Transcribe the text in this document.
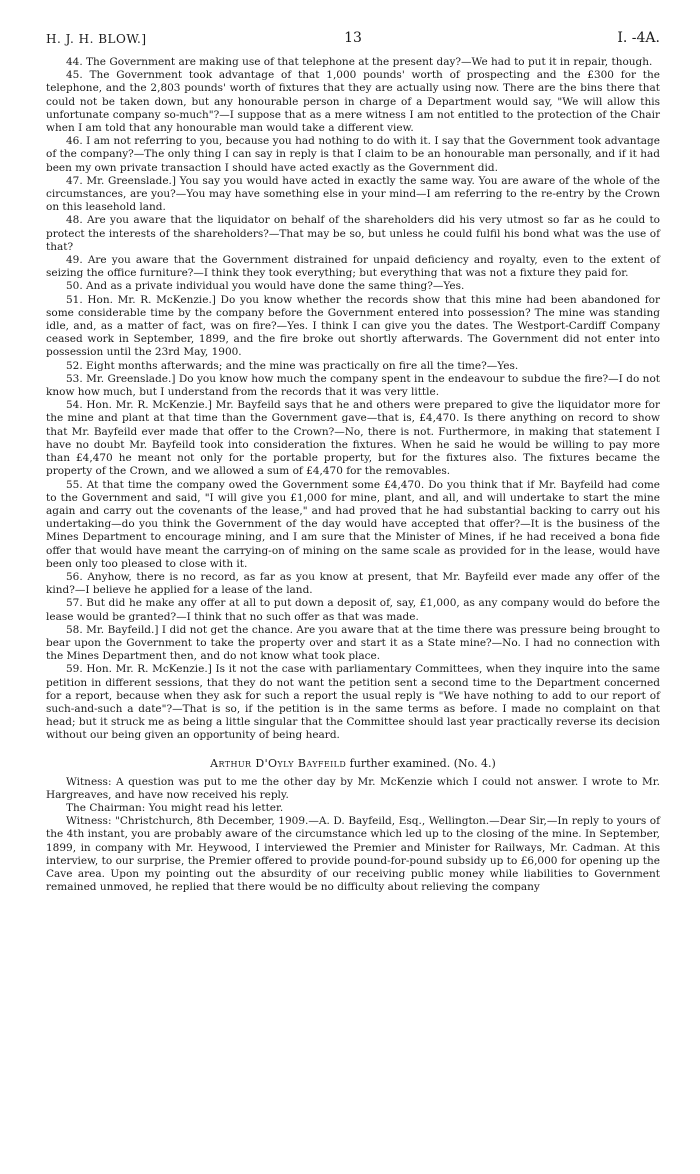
H. J. H. BLOW.]	13	I. -4A.

44. The Government are making use of that telephone at the present day?—We had to put it in repair, though.

45. The Government took advantage of that 1,000 pounds' worth of prospecting and the £300 for the telephone, and the 2,803 pounds' worth of fixtures that they are actually using now. There are the bins there that could not be taken down, but any honourable person in charge of a Department would say, "We will allow this unfortunate company so-much"?—I suppose that as a mere witness I am not entitled to the protection of the Chair when I am told that any honourable man would take a different view.

46. I am not referring to you, because you had nothing to do with it. I say that the Government took advantage of the company?—The only thing I can say in reply is that I claim to be an honourable man personally, and if it had been my own private transaction I should have acted exactly as the Government did.

47. Mr. Greenslade.] You say you would have acted in exactly the same way. You are aware of the whole of the circumstances, are you?—You may have something else in your mind—I am referring to the re-entry by the Crown on this leasehold land.

48. Are you aware that the liquidator on behalf of the shareholders did his very utmost so far as he could to protect the interests of the shareholders?—That may be so, but unless he could fulfil his bond what was the use of that?

49. Are you aware that the Government distrained for unpaid deficiency and royalty, even to the extent of seizing the office furniture?—I think they took everything; but everything that was not a fixture they paid for.

50. And as a private individual you would have done the same thing?—Yes.

51. Hon. Mr. R. McKenzie.] Do you know whether the records show that this mine had been abandoned for some considerable time by the company before the Government entered into possession? The mine was standing idle, and, as a matter of fact, was on fire?—Yes. I think I can give you the dates. The Westport-Cardiff Company ceased work in September, 1899, and the fire broke out shortly afterwards. The Government did not enter into possession until the 23rd May, 1900.

52. Eight months afterwards; and the mine was practically on fire all the time?—Yes.

53. Mr. Greenslade.] Do you know how much the company spent in the endeavour to subdue the fire?—I do not know how much, but I understand from the records that it was very little.

54. Hon. Mr. R. McKenzie.] Mr. Bayfeild says that he and others were prepared to give the liquidator more for the mine and plant at that time than the Government gave—that is, £4,470. Is there anything on record to show that Mr. Bayfeild ever made that offer to the Crown?—No, there is not. Furthermore, in making that statement I have no doubt Mr. Bayfeild took into consideration the fixtures. When he said he would be willing to pay more than £4,470 he meant not only for the portable property, but for the fixtures also. The fixtures became the property of the Crown, and we allowed a sum of £4,470 for the removables.

55. At that time the company owed the Government some £4,470. Do you think that if Mr. Bayfeild had come to the Government and said, "I will give you £1,000 for mine, plant, and all, and will undertake to start the mine again and carry out the covenants of the lease," and had proved that he had substantial backing to carry out his undertaking—do you think the Government of the day would have accepted that offer?—It is the business of the Mines Department to encourage mining, and I am sure that the Minister of Mines, if he had received a bona fide offer that would have meant the carrying-on of mining on the same scale as provided for in the lease, would have been only too pleased to close with it.

56. Anyhow, there is no record, as far as you know at present, that Mr. Bayfeild ever made any offer of the kind?—I believe he applied for a lease of the land.

57. But did he make any offer at all to put down a deposit of, say, £1,000, as any company would do before the lease would be granted?—I think that no such offer as that was made.

58. Mr. Bayfeild.] I did not get the chance. Are you aware that at the time there was pressure being brought to bear upon the Government to take the property over and start it as a State mine?—No. I had no connection with the Mines Department then, and do not know what took place.

59. Hon. Mr. R. McKenzie.] Is it not the case with parliamentary Committees, when they inquire into the same petition in different sessions, that they do not want the petition sent a second time to the Department concerned for a report, because when they ask for such a report the usual reply is "We have nothing to add to our report of such-and-such a date"?—That is so, if the petition is in the same terms as before. I made no complaint on that head; but it struck me as being a little singular that the Committee should last year practically reverse its decision without our being given an opportunity of being heard.

Arthur D'Oyly Bayfeild further examined. (No. 4.)

Witness: A question was put to me the other day by Mr. McKenzie which I could not answer. I wrote to Mr. Hargreaves, and have now received his reply.

The Chairman: You might read his letter.

Witness: "Christchurch, 8th December, 1909.—A. D. Bayfeild, Esq., Wellington.—Dear Sir,—In reply to yours of the 4th instant, you are probably aware of the circumstance which led up to the closing of the mine. In September, 1899, in company with Mr. Heywood, I interviewed the Premier and Minister for Railways, Mr. Cadman. At this interview, to our surprise, the Premier offered to provide pound-for-pound subsidy up to £6,000 for opening up the Cave area. Upon my pointing out the absurdity of our receiving public money while liabilities to Government remained unmoved, he replied that there would be no difficulty about relieving the company
